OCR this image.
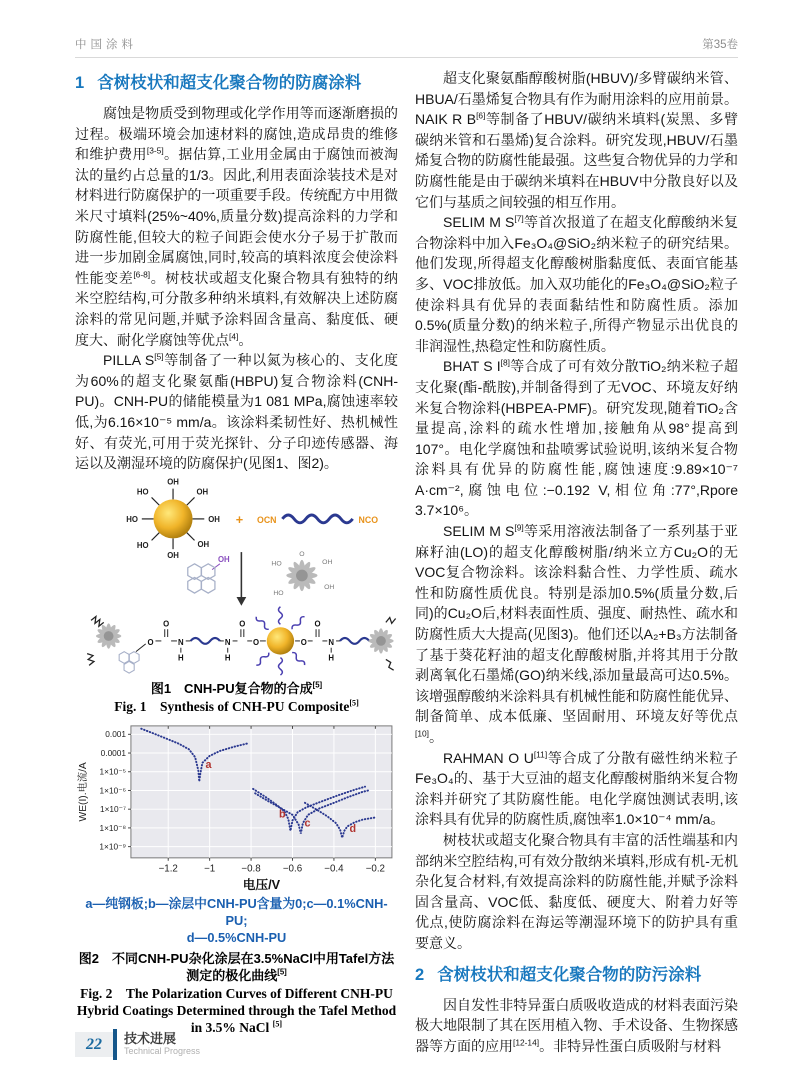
中国涂料	第35卷
1 含树枝状和超支化聚合物的防腐涂料

腐蚀是物质受到物理或化学作用等而逐渐磨损的过程。极端环境会加速材料的腐蚀,造成昂贵的维修和维护费用[3-5]。据估算,工业用金属由于腐蚀而被淘汰的量约占总量的1/3。因此,利用表面涂装技术是对材料进行防腐保护的一项重要手段。传统配方中用微米尺寸填料(25%~40%,质量分数)提高涂料的力学和防腐性能,但较大的粒子间距会使水分子易于扩散而进一步加剧金属腐蚀,同时,较高的填料浓度会使涂料性能变差[6-8]。树枝状或超支化聚合物具有独特的纳米空腔结构,可分散多种纳米填料,有效解决上述防腐涂料的常见问题,并赋予涂料固含量高、黏度低、硬度大、耐化学腐蚀等优点[4]。

PILLA S[5]等制备了一种以氮为核心的、支化度为60%的超支化聚氨酯(HBPU)复合物涂料(CNH-PU)。CNH-PU的储能模量为1 081 MPa,腐蚀速率较低,为6.16×10⁻⁵ mm/a。该涂料柔韧性好、热机械性好、有荧光,可用于荧光探针、分子印迹传感器、海运以及潮湿环境的防腐保护(见图1、图2)。

OH
OH
OH
HO
HO
HO
OH
OH
+ OCN	NCO
OH	OH
HO
OH
HO
O
O
O
N
H
N
H
O
O	O
O
N
H
图1　CNH-PU复合物的合成[5]
Fig. 1　Synthesis of CNH-PU Composite[5]
−1.2	−1	−0.8 −0.6 −0.4 −0.2
0.001
0.0001
1×10⁻⁵
1×10⁻⁶
1×10⁻⁷
1×10⁻⁸
1×10⁻⁹
a
b
c	d
WE(I).电流/A
电压/V
a—纯钢板;b—涂层中CNH-PU含量为0;c—0.1%CNH-PU;
d—0.5%CNH-PU
图2　不同CNH-PU杂化涂层在3.5%NaCl中用Tafel方法测定的极化曲线[5]
Fig. 2　The Polarization Curves of Different CNH-PU Hybrid Coatings Determined through the Tafel Method in 3.5% NaCl [5]

超支化聚氨酯醇酸树脂(HBUV)/多臂碳纳米管、HBUA/石墨烯复合物具有作为耐用涂料的应用前景。NAIK R B[6]等制备了HBUV/碳纳米填料(炭黑、多臂碳纳米管和石墨烯)复合涂料。研究发现,HBUV/石墨烯复合物的防腐性能最强。这些复合物优异的力学和防腐性能是由于碳纳米填料在HBUV中分散良好以及它们与基质之间较强的相互作用。

SELIM M S[7]等首次报道了在超支化醇酸纳米复合物涂料中加入Fe₃O₄@SiO₂纳米粒子的研究结果。他们发现,所得超支化醇酸树脂黏度低、表面官能基多、VOC排放低。加入双功能化的Fe₃O₄@SiO₂粒子使涂料具有优异的表面黏结性和防腐性质。添加0.5%(质量分数)的纳米粒子,所得产物显示出优良的非润湿性,热稳定性和防腐性质。

BHAT S I[8]等合成了可有效分散TiO₂纳米粒子超支化聚(酯-酰胺),并制备得到了无VOC、环境友好纳米复合物涂料(HBPEA-PMF)。研究发现,随着TiO₂含量提高,涂料的疏水性增加,接触角从98°提高到107°。电化学腐蚀和盐喷雾试验说明,该纳米复合物涂料具有优异的防腐性能,腐蚀速度:9.89×10⁻⁷ A·cm⁻²,腐蚀电位:−0.192 V,相位角:77°,Rpore 3.7×10⁶。

SELIM M S[9]等采用溶液法制备了一系列基于亚麻籽油(LO)的超支化醇酸树脂/纳米立方Cu₂O的无VOC复合物涂料。该涂料黏合性、力学性质、疏水性和防腐性质优良。特别是添加0.5%(质量分数,后同)的Cu₂O后,材料表面性质、强度、耐热性、疏水和防腐性质大大提高(见图3)。他们还以A₂+B₃方法制备了基于葵花籽油的超支化醇酸树脂,并将其用于分散剥离氧化石墨烯(GO)纳米线,添加量最高可达0.5%。该增强醇酸纳米涂料具有机械性能和防腐性能优异、制备简单、成本低廉、坚固耐用、环境友好等优点[10]。

RAHMAN O U[11]等合成了分散有磁性纳米粒子Fe₃O₄的、基于大豆油的超支化醇酸树脂纳米复合物涂料并研究了其防腐性能。电化学腐蚀测试表明,该涂料具有优异的防腐性质,腐蚀率1.0×10⁻⁴ mm/a。

树枝状或超支化聚合物具有丰富的活性端基和内部纳米空腔结构,可有效分散纳米填料,形成有机-无机杂化复合材料,有效提高涂料的防腐性能,并赋予涂料固含量高、VOC低、黏度低、硬度大、附着力好等优点,使防腐涂料在海运等潮湿环境下的防护具有重要意义。

2 含树枝状和超支化聚合物的防污涂料

因自发性非特异蛋白质吸收造成的材料表面污染极大地限制了其在医用植入物、手术设备、生物探感器等方面的应用[12-14]。非特异性蛋白质吸附与材料

22 技术进展
Technical Progress
